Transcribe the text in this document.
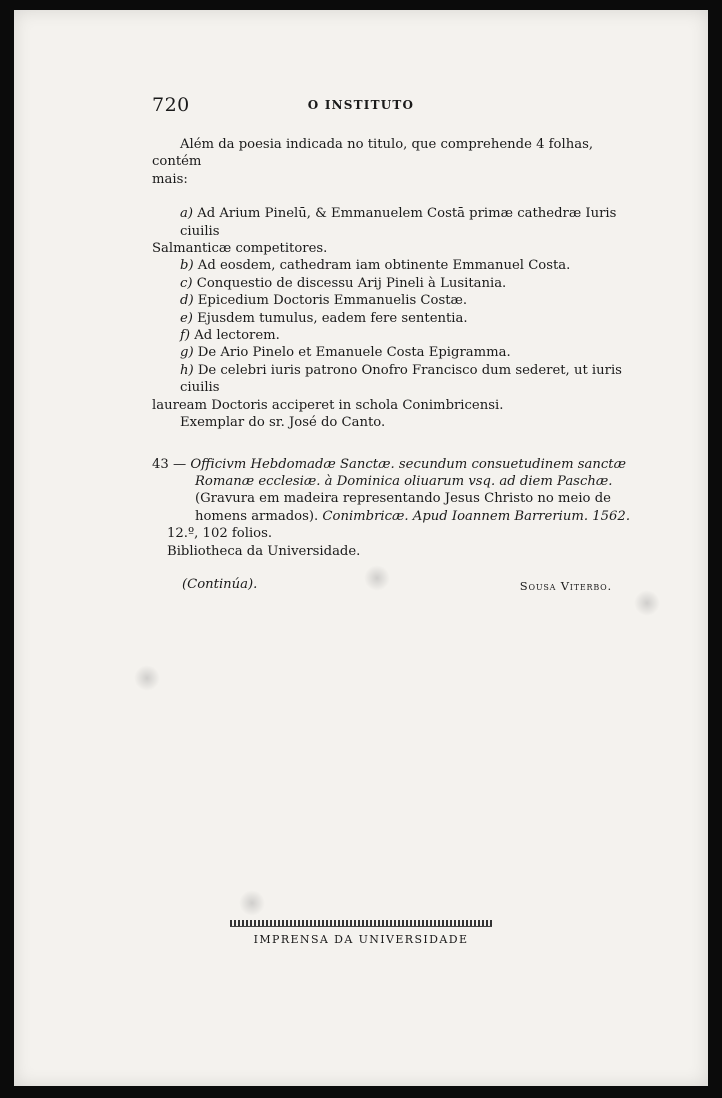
720	O INSTITUTO

Além da poesia indicada no titulo, que comprehende 4 folhas, contém
mais:

a) Ad Arium Pinelū, & Emmanuelem Costā primæ cathedræ Iuris ciuilis

Salmanticæ competitores.

b) Ad eosdem, cathedram iam obtinente Emmanuel Costa.

c) Conquestio de discessu Arij Pineli à Lusitania.

d) Epicedium Doctoris Emmanuelis Costæ.

e) Ejusdem tumulus, eadem fere sententia.

f) Ad lectorem.

g) De Ario Pinelo et Emanuele Costa Epigramma.

h) De celebri iuris patrono Onofro Francisco dum sederet, ut iuris ciuilis

lauream Doctoris acciperet in schola Conimbricensi.

Exemplar do sr. José do Canto.

43 — Officivm Hebdomadæ Sanctæ. secundum consuetudinem sanctæ Romanæ ecclesiæ. à Dominica oliuarum vsq. ad diem Paschæ. (Gravura em madeira representando Jesus Christo no meio de homens armados). Conimbricæ. Apud Ioannem Barrerium. 1562.

12.º, 102 folios.

Bibliotheca da Universidade.

(Continúa).	Sousa Viterbo.
IMPRENSA DA UNIVERSIDADE
